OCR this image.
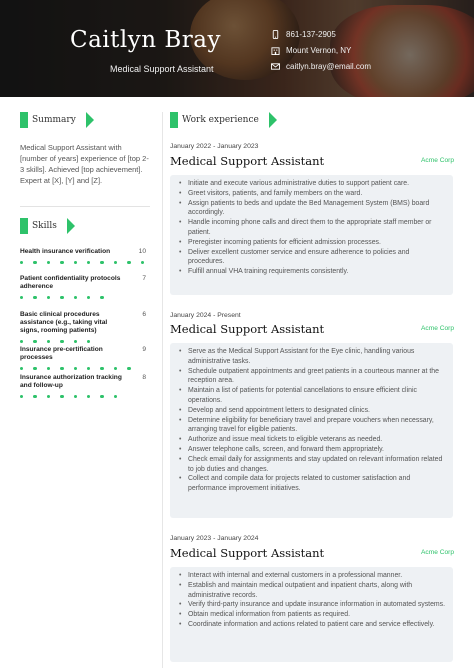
Caitlyn Bray
Medical Support Assistant
861-137-2905
Mount Vernon, NY
caitlyn.bray@email.com
Summary
Medical Support Assistant with [number of years] experience of [top 2-3 skills]. Achieved [top achievement]. Expert at [X], [Y] and [Z].
Skills
Health insurance verification	10
Patient confidentiality protocols adherence
7
Basic clinical procedures assistance (e.g., taking vital signs, rooming patients)
6
Insurance pre-certification processes
9
Insurance authorization tracking and follow-up
8
Work experience
January 2022 - January 2023
Medical Support Assistant	Acme Corp
• Initiate and execute various administrative duties to support patient care.
• Greet visitors, patients, and family members on the ward.
• Assign patients to beds and update the Bed Management System (BMS) board accordingly.
• Handle incoming phone calls and direct them to the appropriate staff member or patient.
• Preregister incoming patients for efficient admission processes.
• Deliver excellent customer service and ensure adherence to policies and procedures.
• Fulfill annual VHA training requirements consistently.
January 2024 - Present
Medical Support Assistant	Acme Corp
• Serve as the Medical Support Assistant for the Eye clinic, handling various administrative tasks.
• Schedule outpatient appointments and greet patients in a courteous manner at the reception area.
• Maintain a list of patients for potential cancellations to ensure efficient clinic operations.
• Develop and send appointment letters to designated clinics.
• Determine eligibility for beneficiary travel and prepare vouchers when necessary, arranging travel for eligible patients.
• Authorize and issue meal tickets to eligible veterans as needed.
• Answer telephone calls, screen, and forward them appropriately.
• Check email daily for assignments and stay updated on relevant information related to job duties and changes.
• Collect and compile data for projects related to customer satisfaction and performance improvement initiatives.
January 2023 - January 2024
Medical Support Assistant	Acme Corp
• Interact with internal and external customers in a professional manner.
• Establish and maintain medical outpatient and inpatient charts, along with administrative records.
• Verify third-party insurance and update insurance information in automated systems.
• Obtain medical information from patients as required.
• Coordinate information and actions related to patient care and service effectively.
